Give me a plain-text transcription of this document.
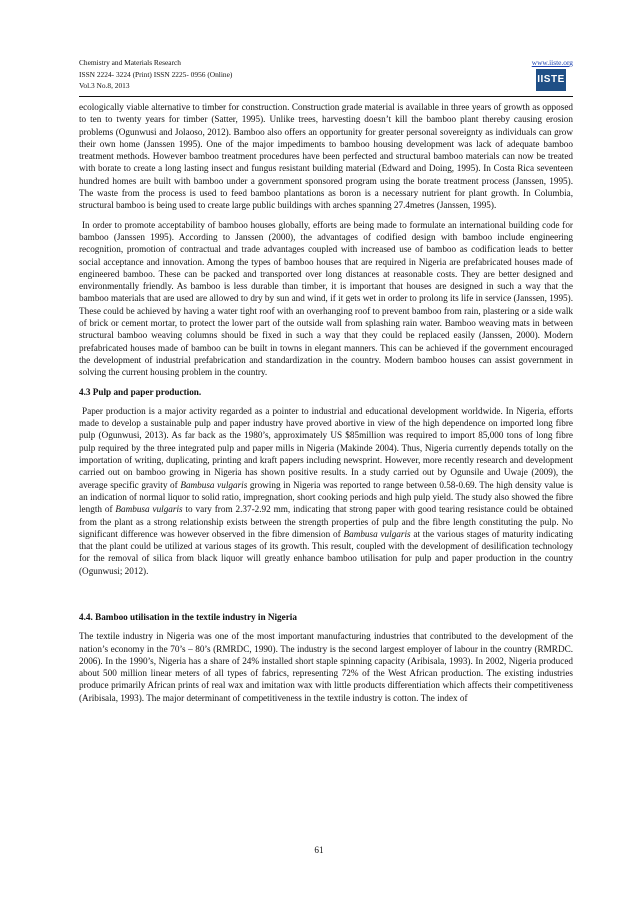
Chemistry and Materials Research	www.iiste.org
ISSN 2224- 3224 (Print) ISSN 2225- 0956 (Online)
Vol.3 No.8, 2013
IISTE

ecologically viable alternative to timber for construction. Construction grade material is available in three years of growth as opposed to ten to twenty years for timber (Satter, 1995). Unlike trees, harvesting doesn’t kill the bamboo plant thereby causing erosion problems (Ogunwusi and Jolaoso, 2012). Bamboo also offers an opportunity for greater personal sovereignty as individuals can grow their own home (Janssen 1995). One of the major impediments to bamboo housing development was lack of adequate bamboo treatment methods. However bamboo treatment procedures have been perfected and structural bamboo materials can now be treated with borate to create a long lasting insect and fungus resistant building material (Edward and Doing, 1995). In Costa Rica seventeen hundred homes are built with bamboo under a government sponsored program using the borate treatment process (Janssen, 1995). The waste from the process is used to feed bamboo plantations as boron is a necessary nutrient for plant growth. In Columbia, structural bamboo is being used to create large public buildings with arches spanning 27.4metres (Janssen, 1995).

In order to promote acceptability of bamboo houses globally, efforts are being made to formulate an international building code for bamboo (Janssen 1995). According to Janssen (2000), the advantages of codified design with bamboo include engineering recognition, promotion of contractual and trade advantages coupled with increased use of bamboo as codification leads to better social acceptance and innovation. Among the types of bamboo houses that are required in Nigeria are prefabricated houses made of engineered bamboo. These can be packed and transported over long distances at reasonable costs. They are better designed and environmentally friendly. As bamboo is less durable than timber, it is important that houses are designed in such a way that the bamboo materials that are used are allowed to dry by sun and wind, if it gets wet in order to prolong its life in service (Janssen, 1995). These could be achieved by having a water tight roof with an overhanging roof to prevent bamboo from rain, plastering or a side walk of brick or cement mortar, to protect the lower part of the outside wall from splashing rain water. Bamboo weaving mats in between structural bamboo weaving columns should be fixed in such a way that they could be replaced easily (Janssen, 2000). Modern prefabricated houses made of bamboo can be built in towns in elegant manners. This can be achieved if the government encouraged the development of industrial prefabrication and standardization in the country. Modern bamboo houses can assist government in solving the current housing problem in the country.

4.3 Pulp and paper production.

Paper production is a major activity regarded as a pointer to industrial and educational development worldwide. In Nigeria, efforts made to develop a sustainable pulp and paper industry have proved abortive in view of the high dependence on imported long fibre pulp (Ogunwusi, 2013). As far back as the 1980’s, approximately US $85million was required to import 85,000 tons of long fibre pulp required by the three integrated pulp and paper mills in Nigeria (Makinde 2004). Thus, Nigeria currently depends totally on the importation of writing, duplicating, printing and kraft papers including newsprint. However, more recently research and development carried out on bamboo growing in Nigeria has shown positive results. In a study carried out by Ogunsile and Uwaje (2009), the average specific gravity of Bambusa vulgaris growing in Nigeria was reported to range between 0.58-0.69. The high density value is an indication of normal liquor to solid ratio, impregnation, short cooking periods and high pulp yield. The study also showed the fibre length of Bambusa vulgaris to vary from 2.37-2.92 mm, indicating that strong paper with good tearing resistance could be obtained from the plant as a strong relationship exists between the strength properties of pulp and the fibre length constituting the pulp. No significant difference was however observed in the fibre dimension of Bambusa vulgaris at the various stages of maturity indicating that the plant could be utilized at various stages of its growth. This result, coupled with the development of desilification technology for the removal of silica from black liquor will greatly enhance bamboo utilisation for pulp and paper production in the country (Ogunwusi; 2012).

4.4. Bamboo utilisation in the textile industry in Nigeria

The textile industry in Nigeria was one of the most important manufacturing industries that contributed to the development of the nation’s economy in the 70’s – 80’s (RMRDC, 1990). The industry is the second largest employer of labour in the country (RMRDC. 2006). In the 1990’s, Nigeria has a share of 24% installed short staple spinning capacity (Aribisala, 1993). In 2002, Nigeria produced about 500 million linear meters of all types of fabrics, representing 72% of the West African production. The existing industries produce primarily African prints of real wax and imitation wax with little products differentiation which affects their competitiveness (Aribisala, 1993). The major determinant of competitiveness in the textile industry is cotton. The index of

61
